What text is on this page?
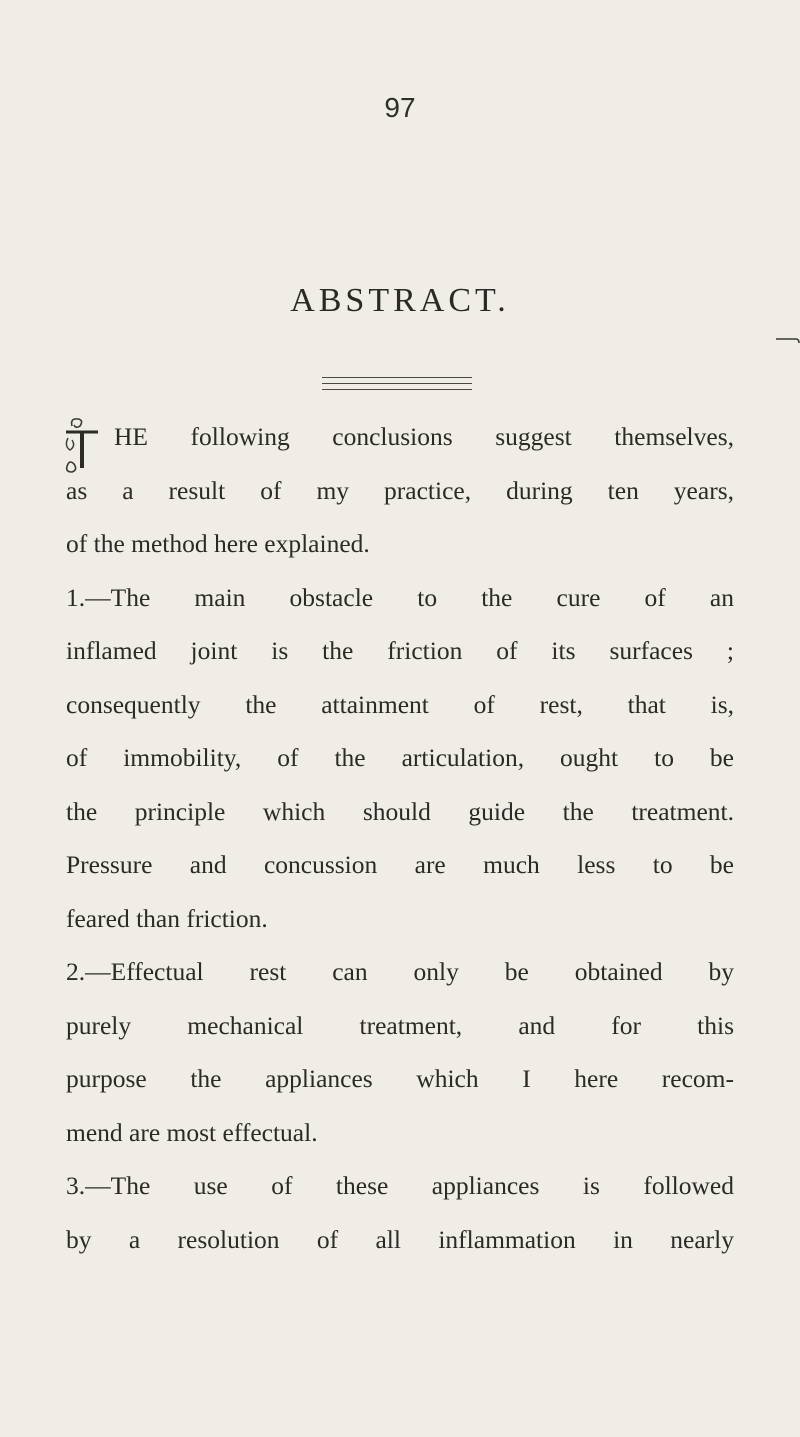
97
ABSTRACT.
HE following conclusions suggest themselves,
as a result of my practice, during ten years,
of the method here explained.
1.—The main obstacle to the cure of an
inflamed joint is the friction of its surfaces ;
consequently the attainment of rest, that is,
of immobility, of the articulation, ought to be
the principle which should guide the treatment.
Pressure and concussion are much less to be
feared than friction.
2.—Effectual rest can only be obtained by
purely mechanical treatment, and for this
purpose the appliances which I here recom-
mend are most effectual.
3.—The use of these appliances is followed
by a resolution of all inflammation in nearly
